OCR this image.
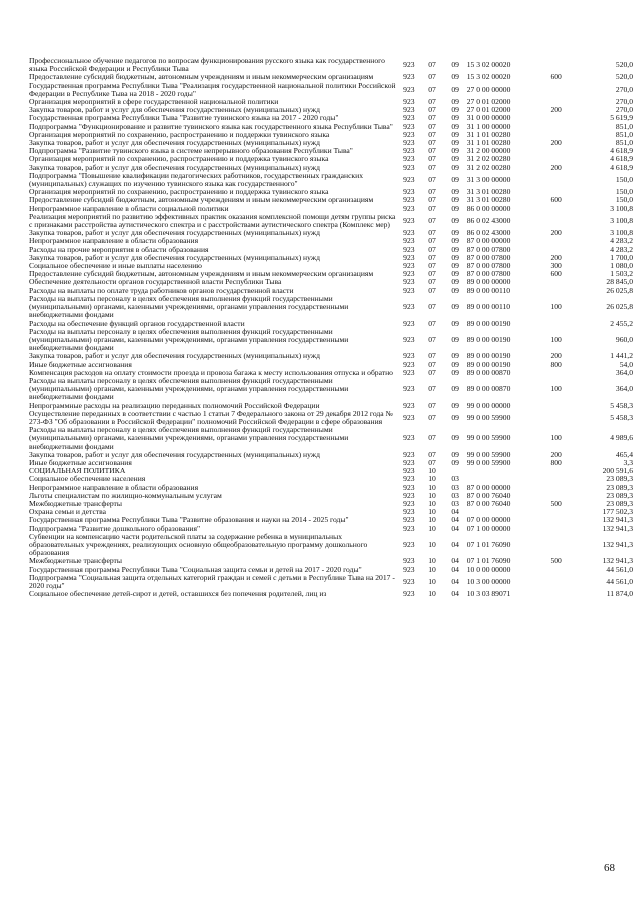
Профессиональное обучение педагогов по вопросам функционирования русского языка как государственного языка Российской Федерации и Республики Тыва	923	07	09	15 3 02 00020		520,0
Предоставление субсидий бюджетным, автономным учреждениям и иным некоммерческим организациям	923	07	09	15 3 02 00020	600	520,0
Государственная программа Республики Тыва "Реализация государственной национальной политики Российской Федерации в Республике Тыва на 2018 - 2020 годы"	923	07	09	27 0 00 00000		270,0
Организация мероприятий в сфере государственной национальной политики	923	07	09	27 0 01 02000		270,0
Закупка товаров, работ и услуг для обеспечения государственных (муниципальных) нужд	923	07	09	27 0 01 02000	200	270,0
Государственная программа Республики Тыва "Развитие тувинского языка на 2017 - 2020 годы"	923	07	09	31 0 00 00000		5 619,9
Подпрограмма "Функционирование и развитие тувинского языка как государственного языка Республики Тыва"	923	07	09	31 1 00 00000		851,0
Организация мероприятий по сохранению, распространению и поддержки тувинского языка	923	07	09	31 1 01 00280		851,0
Закупка товаров, работ и услуг для обеспечения государственных (муниципальных) нужд	923	07	09	31 1 01 00280	200	851,0
Подпрограмма "Развитие тувинского языка в системе непрерывного образования Республики Тыва"	923	07	09	31 2 00 00000		4 618,9
Организация мероприятий по сохранению, распространению и поддержка тувинского языка	923	07	09	31 2 02 00280		4 618,9
Закупка товаров, работ и услуг для обеспечения государственных (муниципальных) нужд	923	07	09	31 2 02 00280	200	4 618,9
Подпрограмма "Повышение квалификации педагогических работников, государственных гражданских (муниципальных) служащих по изучению тувинского языка как государственного"	923	07	09	31 3 00 00000		150,0
Организация мероприятий по сохранению, распространению и поддержка тувинского языка	923	07	09	31 3 01 00280		150,0
Предоставление субсидий бюджетным, автономным учреждениям и иным некоммерческим организациям	923	07	09	31 3 01 00280	600	150,0
Непрограммное направление в области социальной политики	923	07	09	86 0 00 00000		3 100,8
Реализация мероприятий по развитию эффективных практик оказания комплексной помощи детям группы риска с признаками расстройства аутистического спектра и с расстройствами аутистического спектра (Комплекс мер)	923	07	09	86 0 02 43000		3 100,8
Закупка товаров, работ и услуг для обеспечения государственных (муниципальных) нужд	923	07	09	86 0 02 43000	200	3 100,8
Непрограммное направление в области образования	923	07	09	87 0 00 00000		4 283,2
Расходы на прочие мероприятия в области образования	923	07	09	87 0 00 07800		4 283,2
Закупка товаров, работ и услуг для обеспечения государственных (муниципальных) нужд	923	07	09	87 0 00 07800	200	1 700,0
Социальное обеспечение и иные выплаты населению	923	07	09	87 0 00 07800	300	1 080,0
Предоставление субсидий бюджетным, автономным учреждениям и иным некоммерческим организациям	923	07	09	87 0 00 07800	600	1 503,2
Обеспечение деятельности органов государственной власти Республики Тыва	923	07	09	89 0 00 00000		28 845,0
Расходы на выплаты по оплате труда работников органов государственной власти	923	07	09	89 0 00 00110		26 025,8
Расходы на выплаты персоналу в целях обеспечения выполнения функций государственными (муниципальными) органами, казенными учреждениями, органами управления государственными внебюджетными фондами	923	07	09	89 0 00 00110	100	26 025,8
Расходы на обеспечение функций органов государственной власти	923	07	09	89 0 00 00190		2 455,2
Расходы на выплаты персоналу в целях обеспечения выполнения функций государственными (муниципальными) органами, казенными учреждениями, органами управления государственными внебюджетными фондами	923	07	09	89 0 00 00190	100	960,0
Закупка товаров, работ и услуг для обеспечения государственных (муниципальных) нужд	923	07	09	89 0 00 00190	200	1 441,2
Иные бюджетные ассигнования	923	07	09	89 0 00 00190	800	54,0
Компенсация расходов на оплату стоимости проезда и провоза багажа к месту использования отпуска и обратно	923	07	09	89 0 00 00870		364,0
Расходы на выплаты персоналу в целях обеспечения выполнения функций государственными (муниципальными) органами, казенными учреждениями, органами управления государственными внебюджетными фондами	923	07	09	89 0 00 00870	100	364,0
Непрограммные расходы на реализацию переданных полномочий Российской Федерации	923	07	09	99 0 00 00000		5 458,3
Осуществление переданных в соответствии с частью 1 статьи 7 Федерального закона от 29 декабря 2012 года № 273-ФЗ "Об образовании в Российской Федерации" полномочий Российской Федерации в сфере образования	923	07	09	99 0 00 59900		5 458,3
Расходы на выплаты персоналу в целях обеспечения выполнения функций государственными (муниципальными) органами, казенными учреждениями, органами управления государственными внебюджетными фондами	923	07	09	99 0 00 59900	100	4 989,6
Закупка товаров, работ и услуг для обеспечения государственных (муниципальных) нужд	923	07	09	99 0 00 59900	200	465,4
Иные бюджетные ассигнования	923	07	09	99 0 00 59900	800	3,3
СОЦИАЛЬНАЯ ПОЛИТИКА	923	10				200 591,6
Социальное обеспечение населения	923	10	03			23 089,3
Непрограммное направление в области образования	923	10	03	87 0 00 00000		23 089,3
Льготы специалистам по жилищно-коммунальным услугам	923	10	03	87 0 00 76040		23 089,3
Межбюджетные трансферты	923	10	03	87 0 00 76040	500	23 089,3
Охрана семьи и детства	923	10	04			177 502,3
Государственная программа Республики Тыва "Развитие образования и науки на 2014 - 2025 годы"	923	10	04	07 0 00 00000		132 941,3
Подпрограмма "Развитие дошкольного образования"	923	10	04	07 1 00 00000		132 941,3
Субвенции на компенсацию части родительской платы за содержание ребенка в муниципальных образовательных учреждениях, реализующих основную общеобразовательную программу дошкольного образования	923	10	04	07 1 01 76090		132 941,3
Межбюджетные трансферты	923	10	04	07 1 01 76090	500	132 941,3
Государственная программа Республики Тыва "Социальная защита семьи и детей на 2017 - 2020 годы"	923	10	04	10 0 00 00000		44 561,0
Подпрограмма "Социальная защита отдельных категорий граждан и семей с детьми в Республике Тыва на 2017 - 2020 годы"	923	10	04	10 3 00 00000		44 561,0
Социальное обеспечение детей-сирот и детей, оставшихся без попечения родителей, лиц из	923	10	04	10 3 03 89071		11 874,0
68
